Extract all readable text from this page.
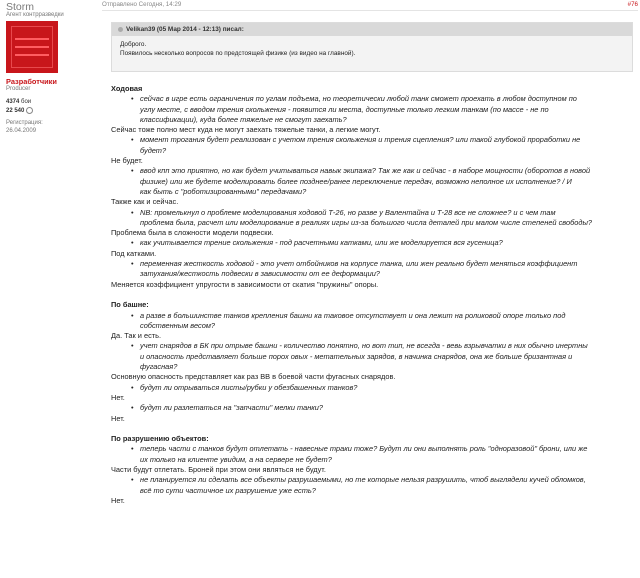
Storm
Агент контрразведки
Разработчики
Producer
4374 бои
22 540
Регистрация:
26.04.2009
Отправлено Сегодня, 14:29	#76
Velikan39 (05 Мар 2014 - 12:13) писал:
Доброго.
Появилось несколько вопросов по предстоящей физике (из видео на главной).
Ходовая
• сейчас в игре есть ограничения по углам подъема, но теоретически любой танк сможет проехать в любом доступном по
углу месте, с вводом трения скольжения - появится ли места, доступные только легким танкам (по массе - не по
классификации), куда более тяжелые не смогут заехать?
Сейчас тоже полно мест куда не могут заехать тяжелые танки, а легкие могут.
• момент трогания будет реализован с учетом трения скольжения и трения сцепления? или такой глубокой проработки не
будет?
Не будет.
• ввод кпп это приятно, но как будет учитываться навык экипажа? Так же как и сейчас - в наборе мощности (оборотов в новой
физике) или же будете моделировать более позднее/ранее переключение передач, возможно неполное их исполнение? / И
как быть с "роботизированными" передачами?
Также как и сейчас.
• NB: промелькнул о проблеме моделирования ходовой Т-26, но разве у Валентайна и Т-28 все не сложнее? и с чем там
проблема была, расчет или моделирование в реалиях игры из-за большого числа деталей при малом числе степеней свободы?
Проблема была в сложности модели подвески.
• как учитывается трение скольжения - под расчетными катками, или же моделируется вся гусеница?
Под катками.
• переменная жесткость ходовой - это учет отбойников на корпусе танка, или жен реально будет меняться коэффициент
затухания/жесткость подвески в зависимости от ее деформации?
Меняется коэффициент упругости в зависимости от скатия "пружины" опоры.
По башне:
• а разве в большинстве танков крепления башни ка таковое отсутствует и она лежит на роликовой опоре только под
собственным весом?
Да. Так и есть.
• учет снарядов в БК при отрыве башни - количество понятно, но вот тип, не всегда - вевь взрывчатки в них обычно инертны
и опасность представляет больше порох овых - метательных зарядов, в начинка снарядов, она же больше бризантная и
фугасная?
Основную опасность представляет как раз ВВ в боевой части фугасных снарядов.
• будут ли отрываться листы/рубки у обезбашенных танков?
Нет.
• будут ли разлетаться на "запчасти" мелки танки?
Нет.
По разрушению объектов:
• теперь части с танков будут отлетать - навесные траки тоже? Будут ли они выполнять роль "одноразовой" брони, или же
их только на клиенте увидим, а на сервере не будет?
Части будут отлетать. Броней при этом они являться не будут.
• не планируется ли сделать все объекты разрушаемыми, но те которые нельзя разрушить, чтоб выглядели кучей обломков,
всё то сути частичное их разрушение уже есть?
Нет.
